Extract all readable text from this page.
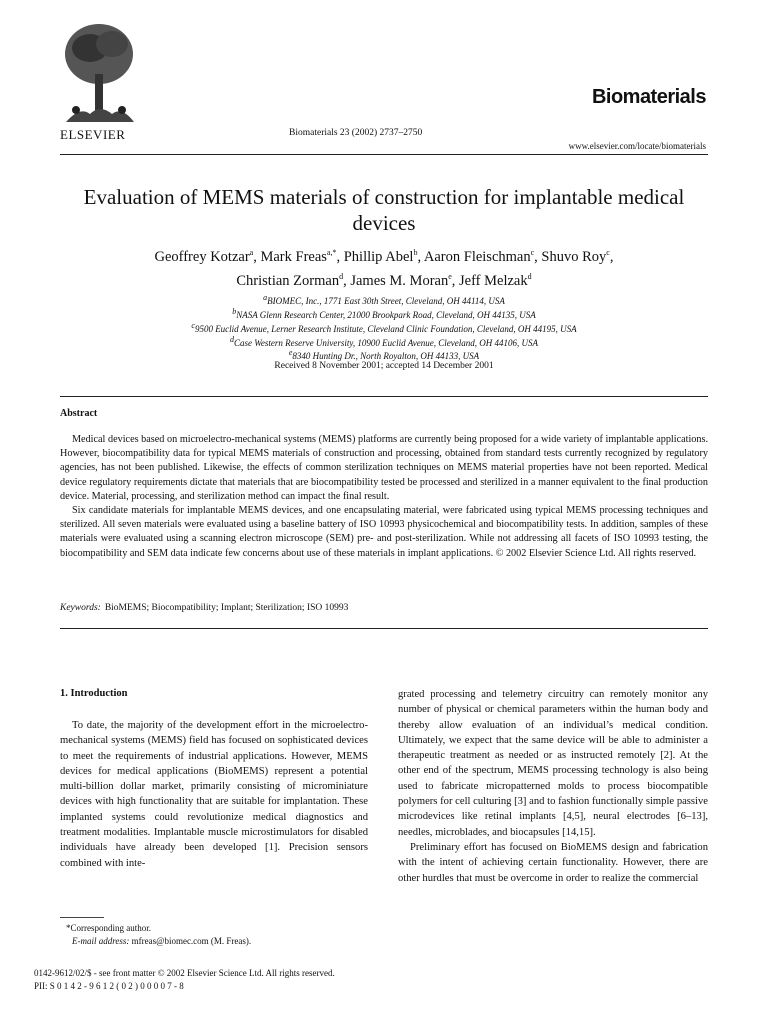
ELSEVIER	Biomaterials 23 (2002) 2737–2750
Biomaterials
www.elsevier.com/locate/biomaterials
Evaluation of MEMS materials of construction for implantable medical devices
Geoffrey Kotzar$^a$, Mark Freas$^{a,*}$, Phillip Abel$^b$, Aaron Fleischman$^c$, Shuvo Roy$^c$,
Christian Zorman$^d$, James M. Moran$^e$, Jeff Melzak$^d$
$^a$BIOMEC, Inc., 1771 East 30th Street, Cleveland, OH 44114, USA
$^b$NASA Glenn Research Center, 21000 Brookpark Road, Cleveland, OH 44135, USA
$^c$9500 Euclid Avenue, Lerner Research Institute, Cleveland Clinic Foundation, Cleveland, OH 44195, USA
$^d$Case Western Reserve University, 10900 Euclid Avenue, Cleveland, OH 44106, USA
$^e$8340 Hunting Dr., North Royalton, OH 44133, USA
Received 8 November 2001; accepted 14 December 2001
Abstract

Medical devices based on microelectro-mechanical systems (MEMS) platforms are currently being proposed for a wide variety of implantable applications. However, biocompatibility data for typical MEMS materials of construction and processing, obtained from standard tests currently recognized by regulatory agencies, has not been published. Likewise, the effects of common sterilization techniques on MEMS material properties have not been reported. Medical device regulatory requirements dictate that materials that are biocompatibility tested be processed and sterilized in a manner equivalent to the final production device. Material, processing, and sterilization method can impact the final result.

Six candidate materials for implantable MEMS devices, and one encapsulating material, were fabricated using typical MEMS processing techniques and sterilized. All seven materials were evaluated using a baseline battery of ISO 10993 physicochemical and biocompatibility tests. In addition, samples of these materials were evaluated using a scanning electron microscope (SEM) pre- and post-sterilization. While not addressing all facets of ISO 10993 testing, the biocompatibility and SEM data indicate few concerns about use of these materials in implant applications. © 2002 Elsevier Science Ltd. All rights reserved.

Keywords: BioMEMS; Biocompatibility; Implant; Sterilization; ISO 10993
1. Introduction

To date, the majority of the development effort in the microelectro-mechanical systems (MEMS) field has focused on sophisticated devices to meet the requirements of industrial applications. However, MEMS devices for medical applications (BioMEMS) represent a potential multi-billion dollar market, primarily consisting of microminiature devices with high functionality that are suitable for implantation. These implanted systems could revolutionize medical diagnostics and treatment modalities. Implantable muscle microstimulators for disabled individuals have already been developed [1]. Precision sensors combined with inte-

grated processing and telemetry circuitry can remotely monitor any number of physical or chemical parameters within the human body and thereby allow evaluation of an individual’s medical condition. Ultimately, we expect that the same device will be able to administer a therapeutic treatment as needed or as instructed remotely [2]. At the other end of the spectrum, MEMS processing technology is also being used to fabricate micropatterned molds to process biocompatible polymers for cell culturing [3] and to fashion functionally simple passive microdevices like retinal implants [4,5], neural electrodes [6–13], needles, microblades, and biocapsules [14,15].

Preliminary effort has focused on BioMEMS design and fabrication with the intent of achieving certain functionality. However, there are other hurdles that must be overcome in order to realize the commercial

*Corresponding author.
E-mail address: mfreas@biomec.com (M. Freas).
0142-9612/02/$ - see front matter © 2002 Elsevier Science Ltd. All rights reserved.
PII: S 0 1 4 2 - 9 6 1 2 ( 0 2 ) 0 0 0 0 7 - 8
